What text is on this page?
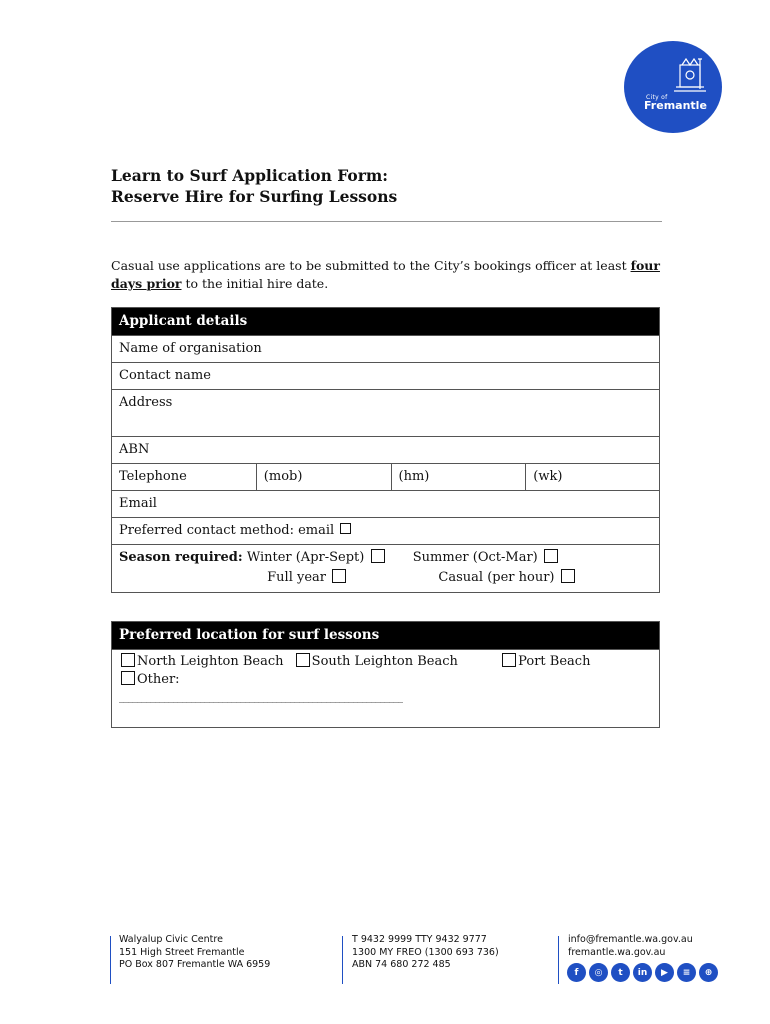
City of
Fremantle
Learn to Surf Application Form:
Reserve Hire for Surfing Lessons
Casual use applications are to be submitted to the City’s bookings officer at least four days prior to the initial hire date.
Applicant details
Name of organisation
Contact name
Address
ABN
Telephone	(mob)	(hm)	(wk)
Email
Preferred contact method: email

Season required: Winter (Apr-Sept)	Summer (Oct-Mar)
Full year	Casual (per hour)
Preferred location for surf lessons

North Leighton Beach South Leighton Beach	Port Beach
Other:
_______________________________________________________________
Walyalup Civic Centre
151 High Street Fremantle
PO Box 807 Fremantle WA 6959
T 9432 9999 TTY 9432 9777
1300 MY FREO (1300 693 736)
ABN 74 680 272 485
info@fremantle.wa.gov.au
fremantle.wa.gov.au
f	◎	t	in	▶	≡	⊕
